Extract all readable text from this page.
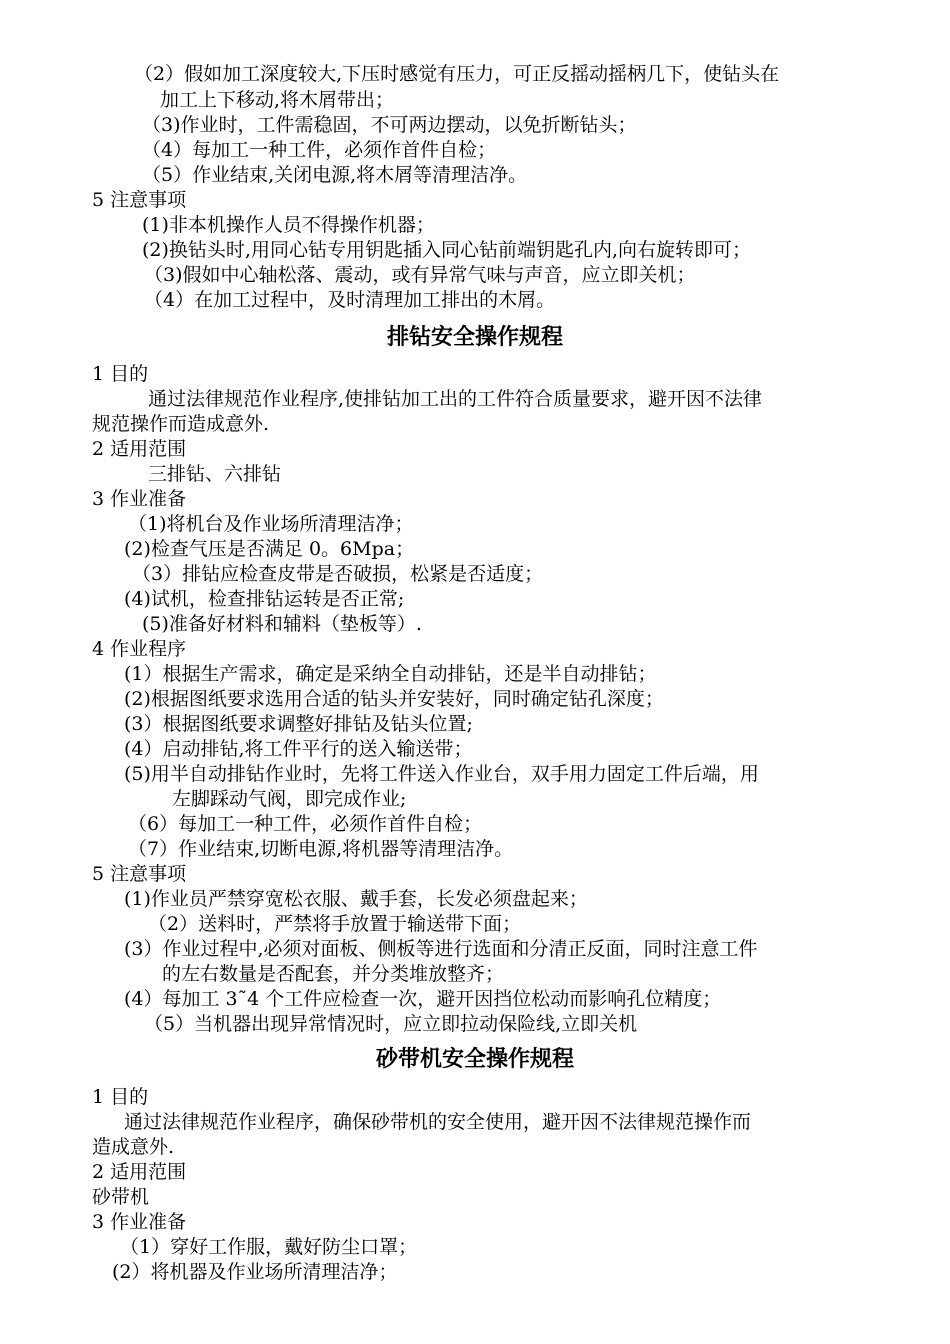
（2）假如加工深度较大,下压时感觉有压力，可正反摇动摇柄几下，使钻头在
加工上下移动,将木屑带出；
（3)作业时，工件需稳固，不可两边摆动，以免折断钻头；
（4）每加工一种工件，必须作首件自检；
（5）作业结束,关闭电源,将木屑等清理洁净。
5 注意事项
(1)非本机操作人员不得操作机器；
(2)换钻头时,用同心钻专用钥匙插入同心钻前端钥匙孔内,向右旋转即可；
（3)假如中心轴松落、震动，或有异常气味与声音，应立即关机；
（4）在加工过程中，及时清理加工排出的木屑。
排钻安全操作规程
1 目的
通过法律规范作业程序,使排钻加工出的工件符合质量要求，避开因不法律
规范操作而造成意外.
2 适用范围
三排钻、六排钻
3 作业准备
（1)将机台及作业场所清理洁净；
(2)检查气压是否满足 0。6Mpa；
（3）排钻应检查皮带是否破损，松紧是否适度；
(4)试机，检查排钻运转是否正常;
(5)准备好材料和辅料（垫板等）.
4 作业程序
(1）根据生产需求，确定是采纳全自动排钻，还是半自动排钻；
(2)根据图纸要求选用合适的钻头并安装好，同时确定钻孔深度；
(3）根据图纸要求调整好排钻及钻头位置;
(4）启动排钻,将工件平行的送入输送带；
(5)用半自动排钻作业时，先将工件送入作业台，双手用力固定工件后端，用
左脚踩动气阀，即完成作业;
（6）每加工一种工件，必须作首件自检；
（7）作业结束,切断电源,将机器等清理洁净。
5 注意事项
(1)作业员严禁穿宽松衣服、戴手套，长发必须盘起来；
（2）送料时，严禁将手放置于输送带下面；
(3）作业过程中,必须对面板、侧板等进行选面和分清正反面，同时注意工件
的左右数量是否配套，并分类堆放整齐；
(4）每加工 3˜4 个工件应检查一次，避开因挡位松动而影响孔位精度；
（5）当机器出现异常情况时，应立即拉动保险线,立即关机
砂带机安全操作规程
1 目的
通过法律规范作业程序，确保砂带机的安全使用，避开因不法律规范操作而
造成意外.
2 适用范围
砂带机
3 作业准备
（1）穿好工作服，戴好防尘口罩；
(2）将机器及作业场所清理洁净；
